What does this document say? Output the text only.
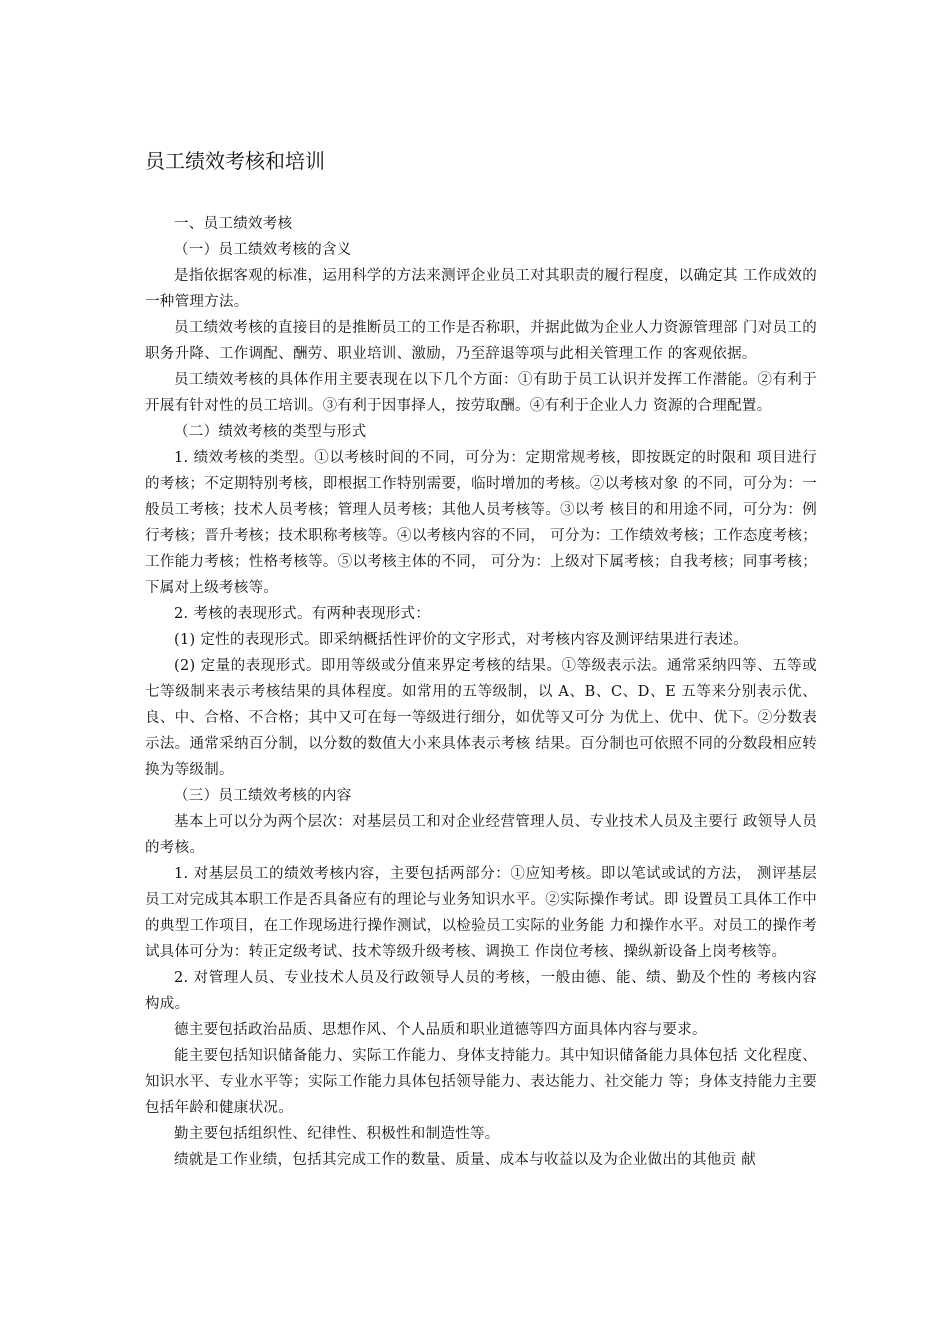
员工绩效考核和培训

一、员工绩效考核

（一）员工绩效考核的含义

是指依据客观的标准，运用科学的方法来测评企业员工对其职责的履行程度，以确定其 工作成效的一种管理方法。

员工绩效考核的直接目的是推断员工的工作是否称职，并据此做为企业人力资源管理部 门对员工的职务升降、工作调配、酬劳、职业培训、激励，乃至辞退等项与此相关管理工作 的客观依据。

员工绩效考核的具体作用主要表现在以下几个方面：①有助于员工认识并发挥工作潜能。②有利于开展有针对性的员工培训。③有利于因事择人，按劳取酬。④有利于企业人力 资源的合理配置。

（二）绩效考核的类型与形式

1. 绩效考核的类型。①以考核时间的不同，可分为：定期常规考核，即按既定的时限和 项目进行的考核；不定期特别考核，即根据工作特别需要，临时增加的考核。②以考核对象 的不同，可分为：一般员工考核；技术人员考核；管理人员考核；其他人员考核等。③以考 核目的和用途不同，可分为：例行考核；晋升考核；技术职称考核等。④以考核内容的不同， 可分为：工作绩效考核；工作态度考核；工作能力考核；性格考核等。⑤以考核主体的不同， 可分为：上级对下属考核；自我考核；同事考核；下属对上级考核等。

2. 考核的表现形式。有两种表现形式：

(1) 定性的表现形式。即采纳概括性评价的文字形式，对考核内容及测评结果进行表述。

(2) 定量的表现形式。即用等级或分值来界定考核的结果。①等级表示法。通常采纳四等、五等或七等级制来表示考核结果的具体程度。如常用的五等级制，以 A、B、C、D、E 五等来分别表示优、良、中、合格、不合格；其中又可在每一等级进行细分，如优等又可分 为优上、优中、优下。②分数表示法。通常采纳百分制，以分数的数值大小来具体表示考核 结果。百分制也可依照不同的分数段相应转换为等级制。

（三）员工绩效考核的内容

基本上可以分为两个层次：对基层员工和对企业经营管理人员、专业技术人员及主要行 政领导人员的考核。

1. 对基层员工的绩效考核内容，主要包括两部分：①应知考核。即以笔试或试的方法， 测评基层员工对完成其本职工作是否具备应有的理论与业务知识水平。②实际操作考试。即 设置员工具体工作中的典型工作项目，在工作现场进行操作测试，以检验员工实际的业务能 力和操作水平。对员工的操作考试具体可分为：转正定级考试、技术等级升级考核、调换工 作岗位考核、操纵新设备上岗考核等。

2. 对管理人员、专业技术人员及行政领导人员的考核，一般由德、能、绩、勤及个性的 考核内容构成。

德主要包括政治品质、思想作风、个人品质和职业道德等四方面具体内容与要求。

能主要包括知识储备能力、实际工作能力、身体支持能力。其中知识储备能力具体包括 文化程度、知识水平、专业水平等；实际工作能力具体包括领导能力、表达能力、社交能力 等；身体支持能力主要包括年龄和健康状况。

勤主要包括组织性、纪律性、积极性和制造性等。

绩就是工作业绩，包括其完成工作的数量、质量、成本与收益以及为企业做出的其他贡 献
